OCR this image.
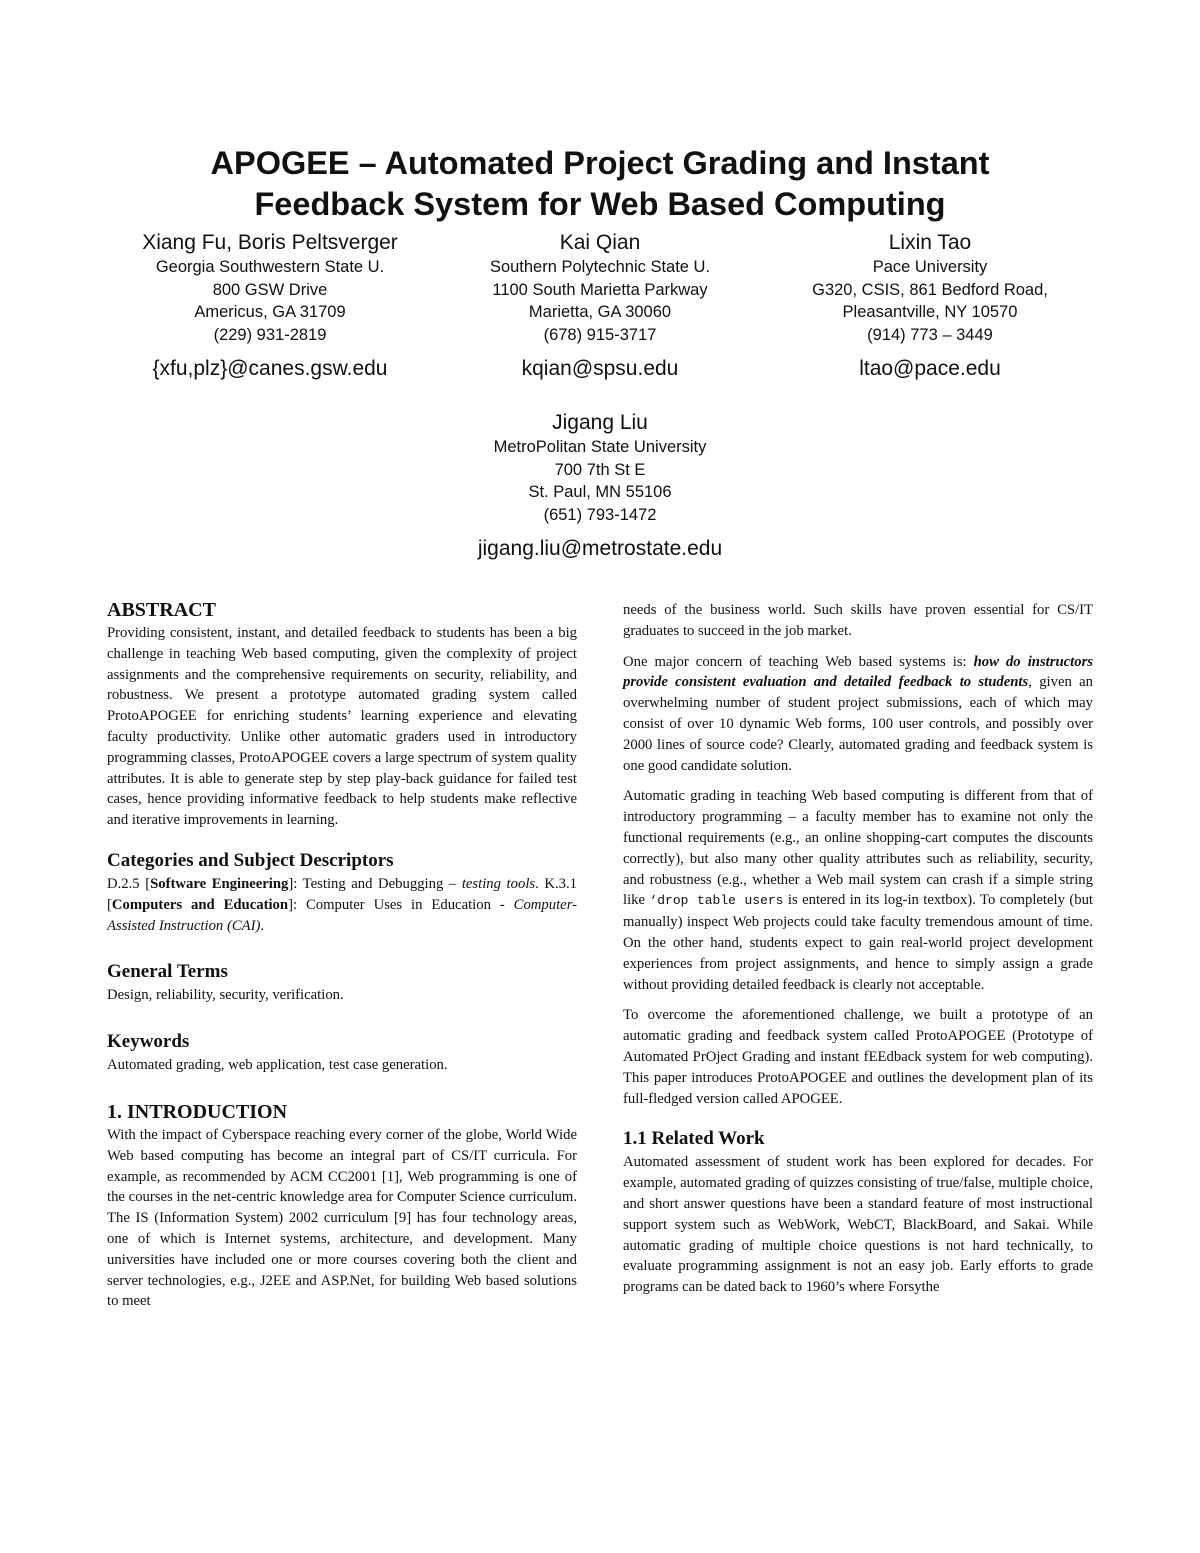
APOGEE – Automated Project Grading and Instant
Feedback System for Web Based Computing
Xiang Fu, Boris Peltsverger
Georgia Southwestern State U.
800 GSW Drive
Americus, GA 31709
(229) 931-2819
{xfu,plz}@canes.gsw.edu
Kai Qian
Southern Polytechnic State U.
1100 South Marietta Parkway
Marietta, GA 30060
(678) 915-3717
kqian@spsu.edu
Lixin Tao
Pace University
G320, CSIS, 861 Bedford Road,
Pleasantville, NY 10570
(914) 773 – 3449
ltao@pace.edu
Jigang Liu
MetroPolitan State University
700 7th St E
St. Paul, MN 55106
(651) 793-1472
jigang.liu@metrostate.edu
ABSTRACT

Providing consistent, instant, and detailed feedback to students has been a big challenge in teaching Web based computing, given the complexity of project assignments and the comprehensive requirements on security, reliability, and robustness. We present a prototype automated grading system called ProtoAPOGEE for enriching students’ learning experience and elevating faculty productivity. Unlike other automatic graders used in introductory programming classes, ProtoAPOGEE covers a large spectrum of system quality attributes. It is able to generate step by step play-back guidance for failed test cases, hence providing informative feedback to help students make reflective and iterative improvements in learning.

Categories and Subject Descriptors

D.2.5 [Software Engineering]: Testing and Debugging – testing tools. K.3.1 [Computers and Education]: Computer Uses in Education - Computer-Assisted Instruction (CAI).

General Terms

Design, reliability, security, verification.

Keywords

Automated grading, web application, test case generation.

1. INTRODUCTION

With the impact of Cyberspace reaching every corner of the globe, World Wide Web based computing has become an integral part of CS/IT curricula. For example, as recommended by ACM CC2001 [1], Web programming is one of the courses in the net-centric knowledge area for Computer Science curriculum. The IS (Information System) 2002 curriculum [9] has four technology areas, one of which is Internet systems, architecture, and development. Many universities have included one or more courses covering both the client and server technologies, e.g., J2EE and ASP.Net, for building Web based solutions to meet

needs of the business world. Such skills have proven essential for CS/IT graduates to succeed in the job market.

One major concern of teaching Web based systems is: how do instructors provide consistent evaluation and detailed feedback to students, given an overwhelming number of student project submissions, each of which may consist of over 10 dynamic Web forms, 100 user controls, and possibly over 2000 lines of source code? Clearly, automated grading and feedback system is one good candidate solution.

Automatic grading in teaching Web based computing is different from that of introductory programming – a faculty member has to examine not only the functional requirements (e.g., an online shopping-cart computes the discounts correctly), but also many other quality attributes such as reliability, security, and robustness (e.g., whether a Web mail system can crash if a simple string like ‘drop table users is entered in its log-in textbox). To completely (but manually) inspect Web projects could take faculty tremendous amount of time. On the other hand, students expect to gain real-world project development experiences from project assignments, and hence to simply assign a grade without providing detailed feedback is clearly not acceptable.

To overcome the aforementioned challenge, we built a prototype of an automatic grading and feedback system called ProtoAPOGEE (Prototype of Automated PrOject Grading and instant fEEdback system for web computing). This paper introduces ProtoAPOGEE and outlines the development plan of its full-fledged version called APOGEE.

1.1 Related Work

Automated assessment of student work has been explored for decades. For example, automated grading of quizzes consisting of true/false, multiple choice, and short answer questions have been a standard feature of most instructional support system such as WebWork, WebCT, BlackBoard, and Sakai. While automatic grading of multiple choice questions is not hard technically, to evaluate programming assignment is not an easy job. Early efforts to grade programs can be dated back to 1960’s where Forsythe
